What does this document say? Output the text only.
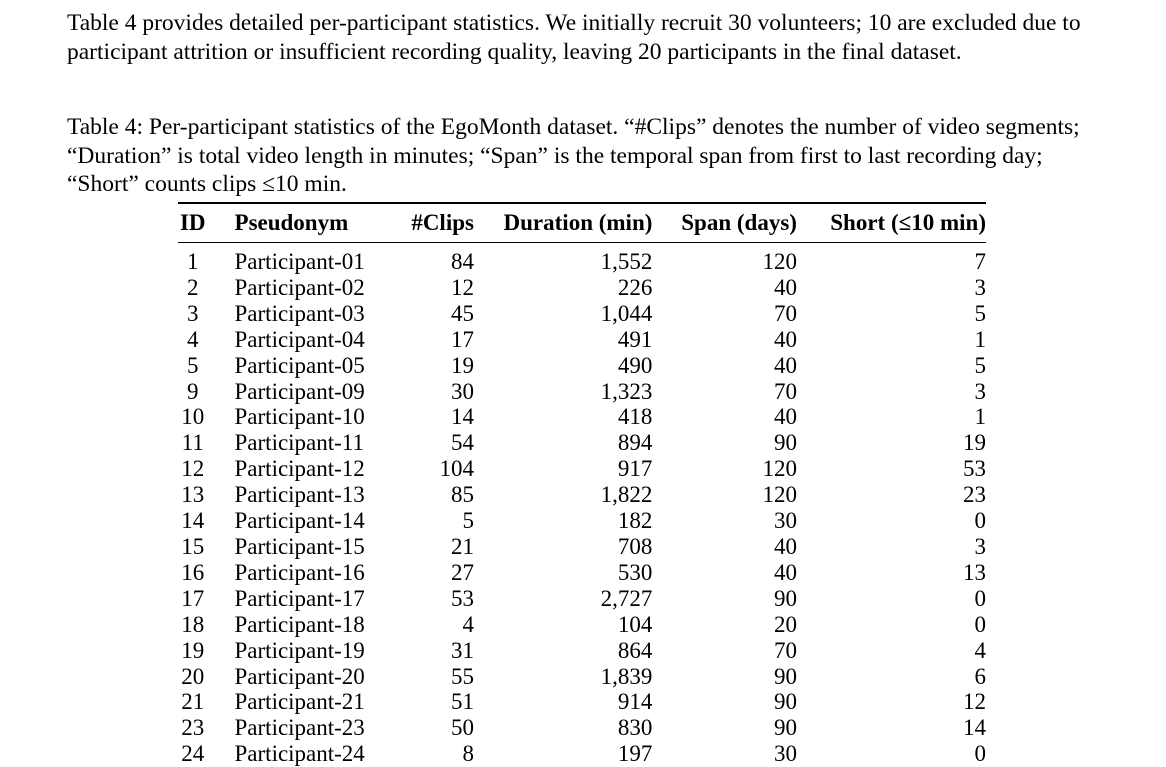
Table 4 provides detailed per-participant statistics. We initially recruit 30 volunteers; 10 are excluded due to participant attrition or insufficient recording quality, leaving 20 participants in the final dataset.

Table 4: Per-participant statistics of the EgoMonth dataset. “#Clips” denotes the number of video segments; “Duration” is total video length in minutes; “Span” is the temporal span from first to last recording day; “Short” counts clips ≤10 min.

ID	Pseudonym	#Clips	Duration (min)	Span (days)	Short (≤10 min)
1	Participant-01	84	1,552	120	7
2	Participant-02	12	226	40	3
3	Participant-03	45	1,044	70	5
4	Participant-04	17	491	40	1
5	Participant-05	19	490	40	5
9	Participant-09	30	1,323	70	3
10	Participant-10	14	418	40	1
11	Participant-11	54	894	90	19
12	Participant-12	104	917	120	53
13	Participant-13	85	1,822	120	23
14	Participant-14	5	182	30	0
15	Participant-15	21	708	40	3
16	Participant-16	27	530	40	13
17	Participant-17	53	2,727	90	0
18	Participant-18	4	104	20	0
19	Participant-19	31	864	70	4
20	Participant-20	55	1,839	90	6
21	Participant-21	51	914	90	12
23	Participant-23	50	830	90	14
24	Participant-24	8	197	30	0
